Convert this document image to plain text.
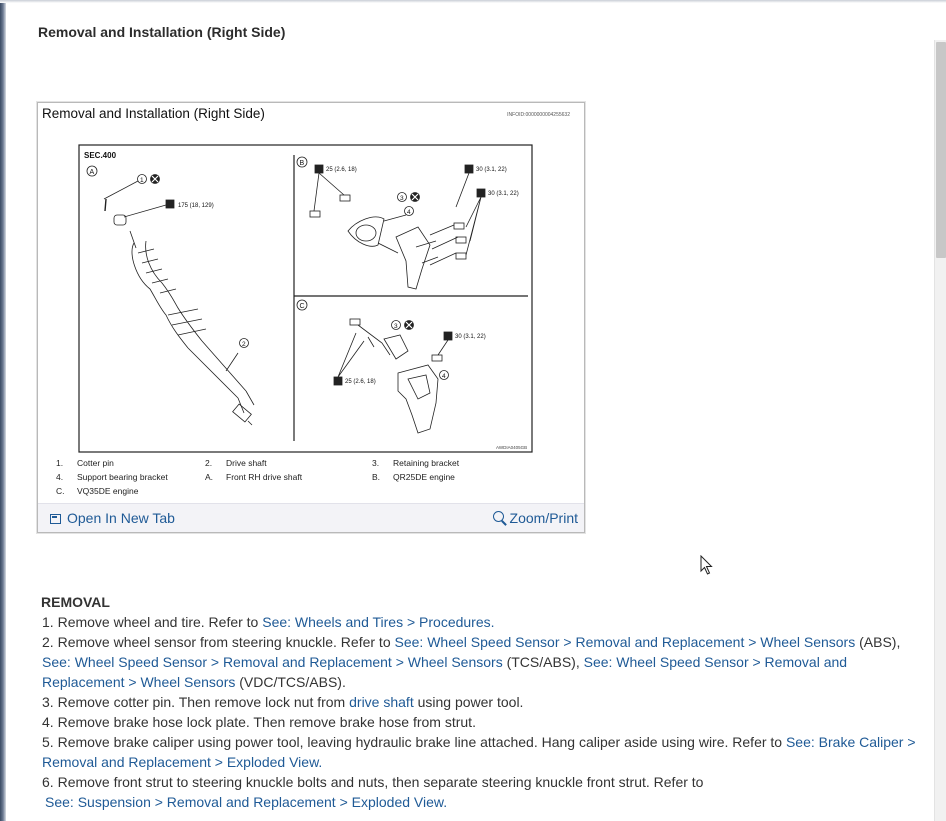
Removal and Installation (Right Side)
Removal and Installation (Right Side)	INFOID:0000000004255632
SEC.400
A
1
175 (18, 129)
2
B
25 (2.6, 18)	30 (3.1, 22)
30 (3.1, 22)
3
4
C
3
30 (3.1, 22)
25 (2.6, 18)
4
AWDIA0405GB
1. Cotter pin	2. Drive shaft	3. Retaining bracket
4. Support bearing bracket	A. Front RH drive shaft	B. QR25DE engine
C. VQ35DE engine
Open In New Tab	Zoom/Print

REMOVAL

1. Remove wheel and tire. Refer to See: Wheels and Tires > Procedures.

2. Remove wheel sensor from steering knuckle. Refer to See: Wheel Speed Sensor > Removal and Replacement > Wheel Sensors (ABS), See: Wheel Speed Sensor > Removal and Replacement > Wheel Sensors (TCS/ABS), See: Wheel Speed Sensor > Removal and Replacement > Wheel Sensors (VDC/TCS/ABS).

3. Remove cotter pin. Then remove lock nut from drive shaft using power tool.

4. Remove brake hose lock plate. Then remove brake hose from strut.

5. Remove brake caliper using power tool, leaving hydraulic brake line attached. Hang caliper aside using wire. Refer to See: Brake Caliper > Removal and Replacement > Exploded View.

6. Remove front strut to steering knuckle bolts and nuts, then separate steering knuckle front strut. Refer to
See: Suspension > Removal and Replacement > Exploded View.
